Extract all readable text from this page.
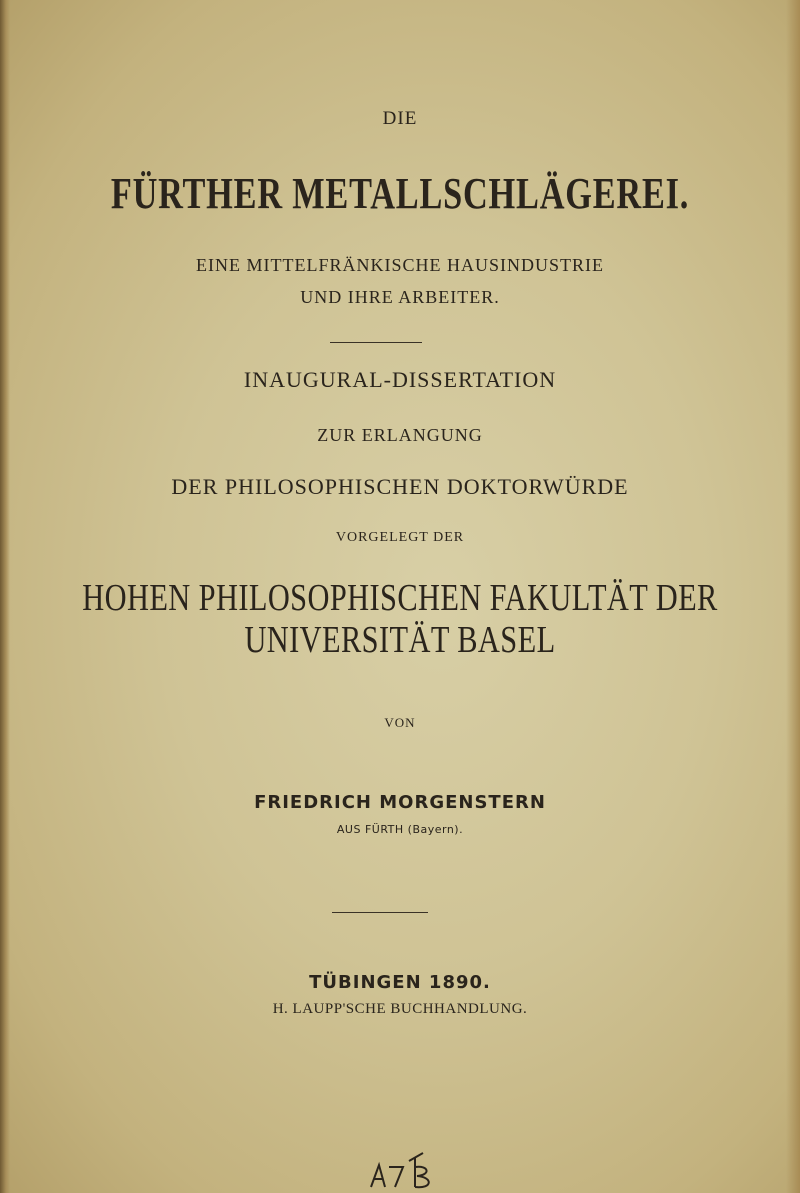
DIE
FÜRTHER METALLSCHLÄGEREI.
EINE MITTELFRÄNKISCHE HAUSINDUSTRIE
UND IHRE ARBEITER.
INAUGURAL-DISSERTATION
ZUR ERLANGUNG
DER PHILOSOPHISCHEN DOKTORWÜRDE
VORGELEGT DER
HOHEN PHILOSOPHISCHEN FAKULTÄT DER
UNIVERSITÄT BASEL
VON
FRIEDRICH MORGENSTERN
AUS FÜRTH (Bayern).
TÜBINGEN 1890.
H. LAUPP'SCHE BUCHHANDLUNG.
